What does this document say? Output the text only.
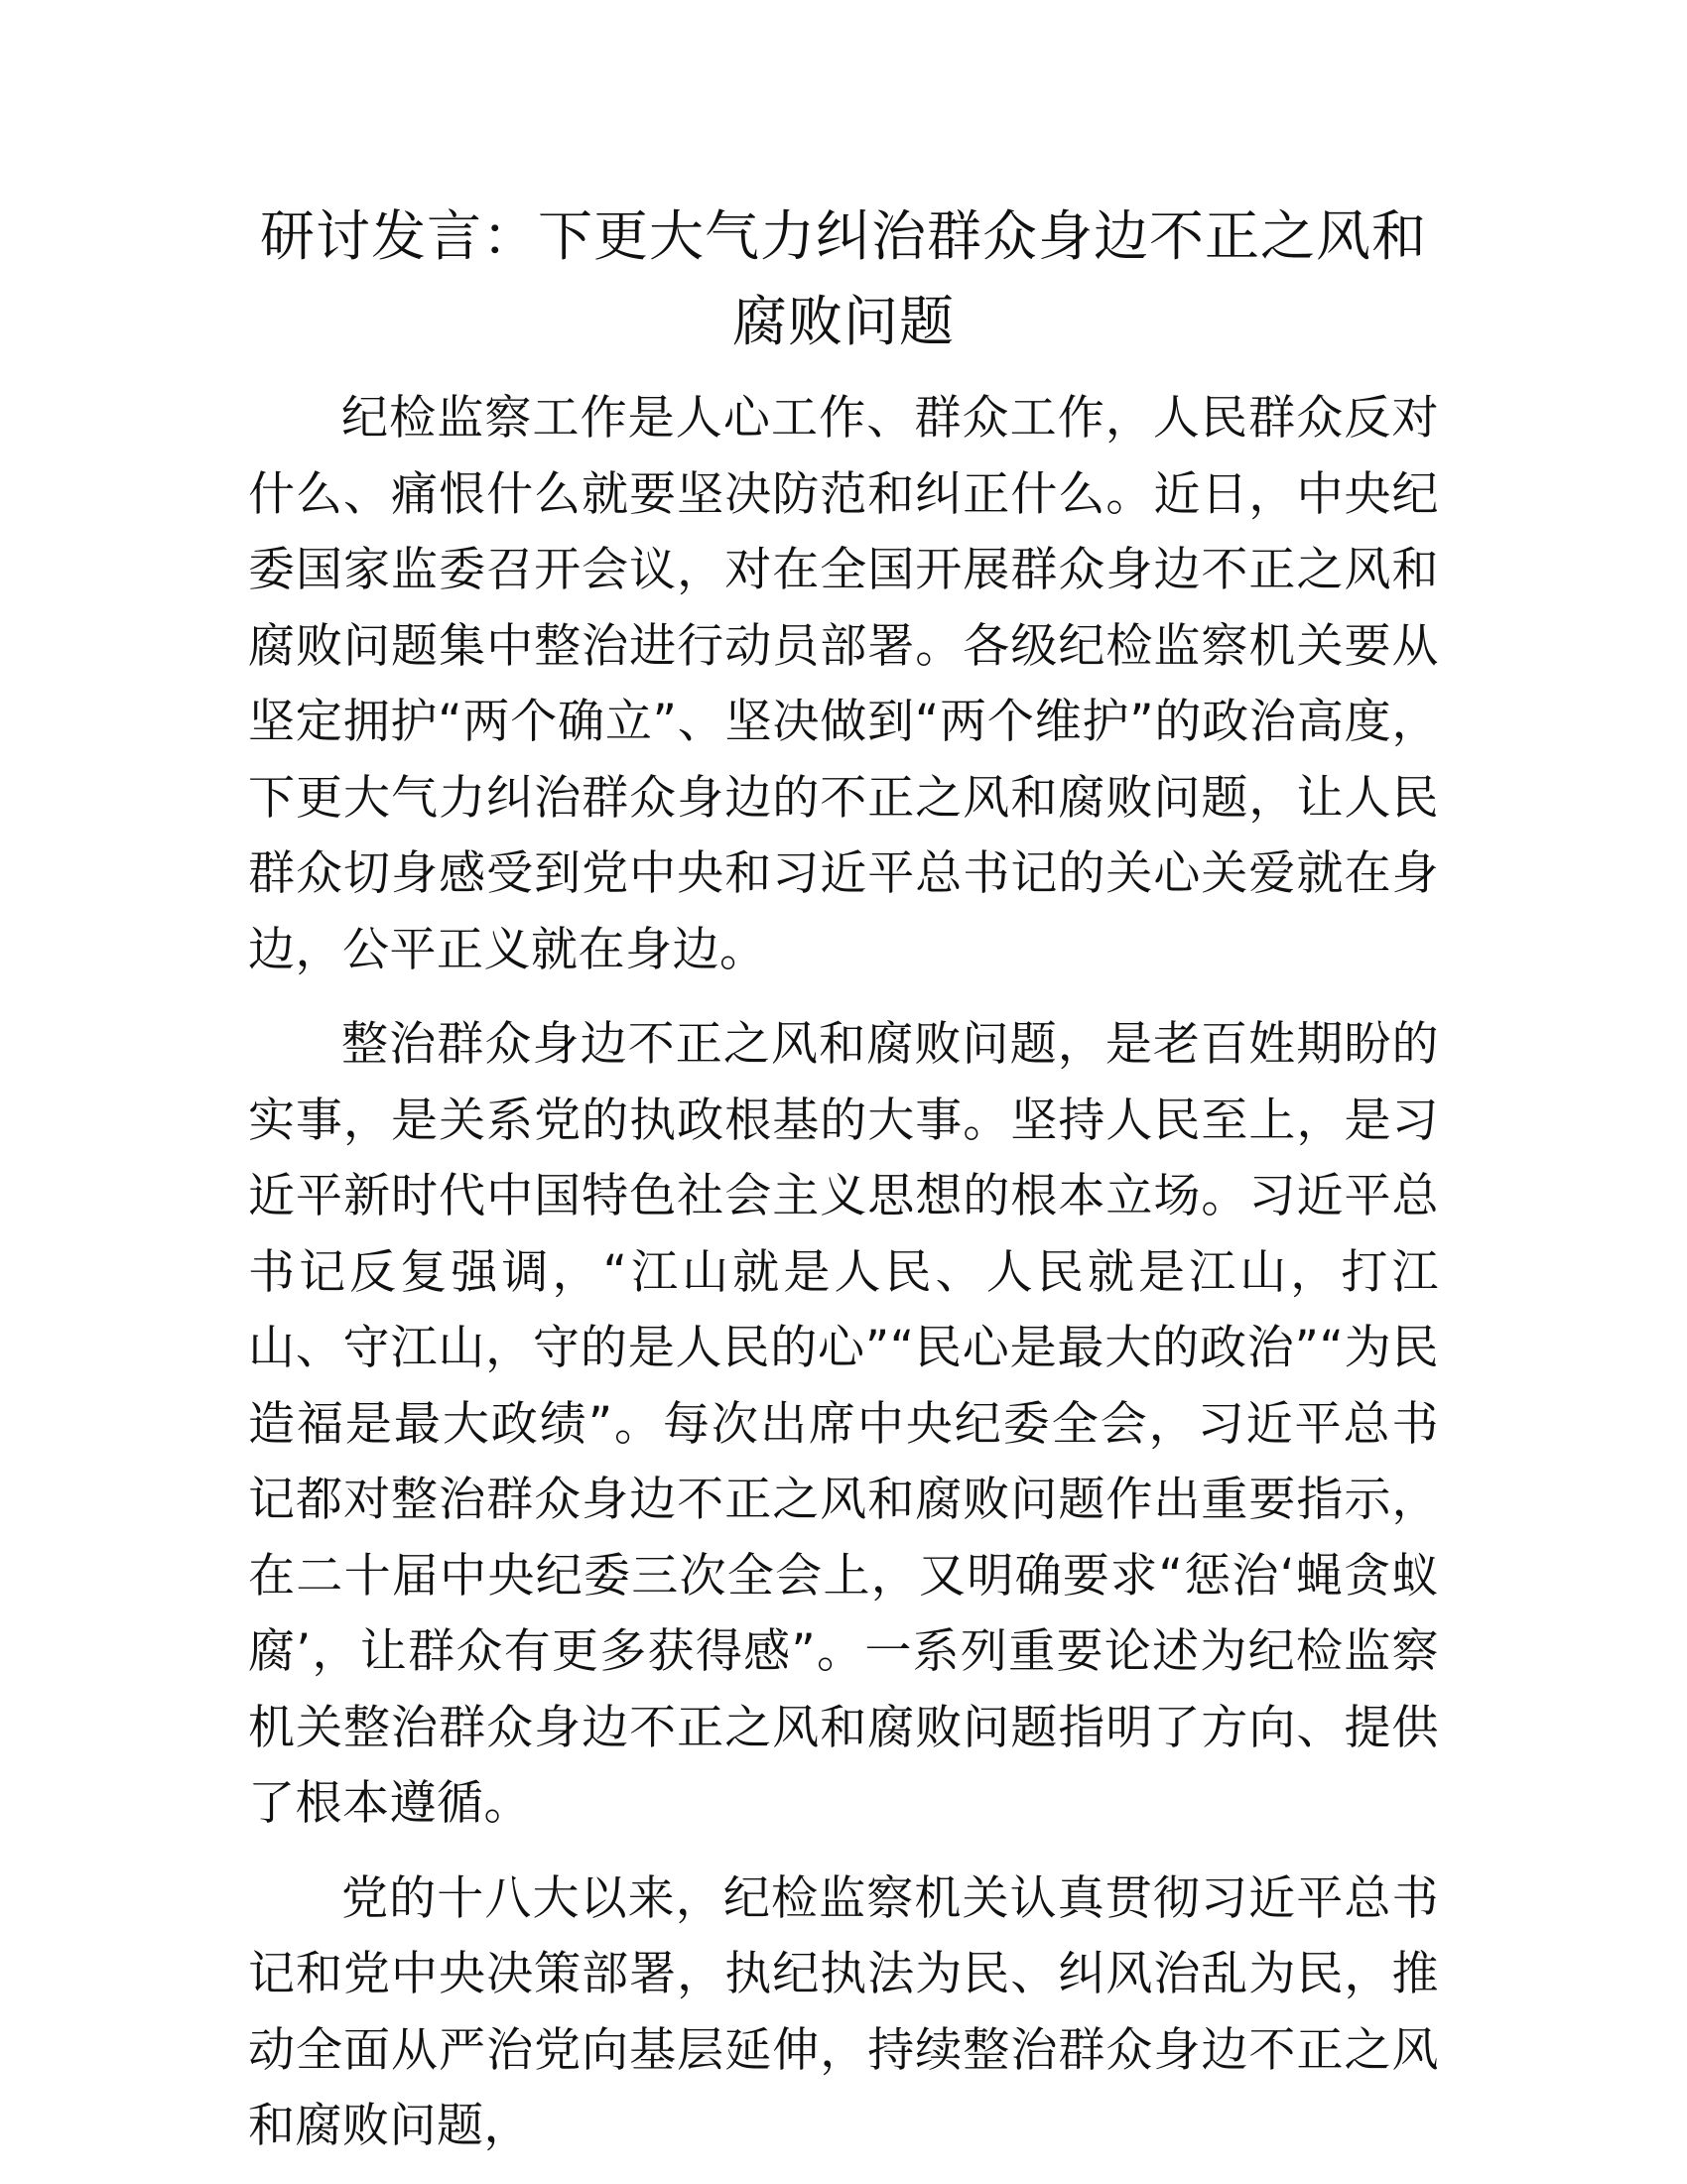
研讨发言：下更大气力纠治群众身边不正之风和腐败问题

纪检监察工作是人心工作、群众工作，人民群众反对什么、痛恨什么就要坚决防范和纠正什么。近日，中央纪委国家监委召开会议，对在全国开展群众身边不正之风和腐败问题集中整治进行动员部署。各级纪检监察机关要从坚定拥护“两个确立”、坚决做到“两个维护”的政治高度，下更大气力纠治群众身边的不正之风和腐败问题，让人民群众切身感受到党中央和习近平总书记的关心关爱就在身边，公平正义就在身边。

整治群众身边不正之风和腐败问题，是老百姓期盼的实事，是关系党的执政根基的大事。坚持人民至上，是习近平新时代中国特色社会主义思想的根本立场。习近平总书记反复强调，“江山就是人民、人民就是江山，打江山、守江山，守的是人民的心”“民心是最大的政治”“为民造福是最大政绩”。每次出席中央纪委全会，习近平总书记都对整治群众身边不正之风和腐败问题作出重要指示，在二十届中央纪委三次全会上，又明确要求“惩治‘蝇贪蚁腐’，让群众有更多获得感”。一系列重要论述为纪检监察机关整治群众身边不正之风和腐败问题指明了方向、提供了根本遵循。

党的十八大以来，纪检监察机关认真贯彻习近平总书记和党中央决策部署，执纪执法为民、纠风治乱为民，推动全面从严治党向基层延伸，持续整治群众身边不正之风和腐败问题，
